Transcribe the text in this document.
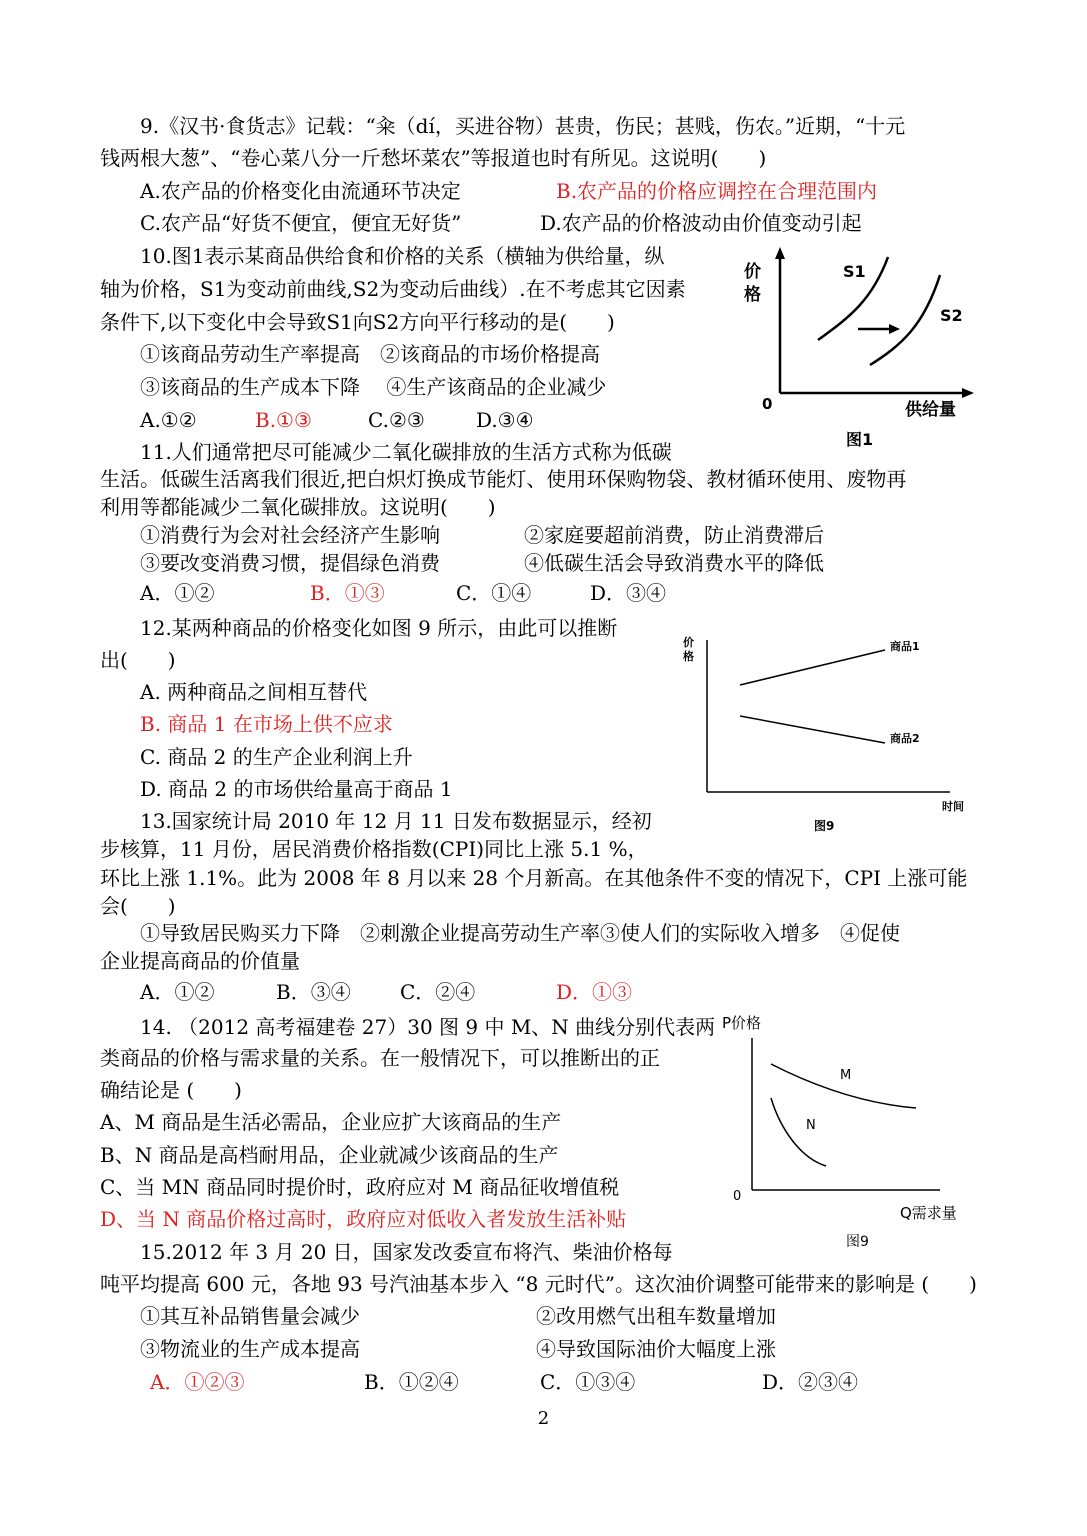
9.《汉书·食货志》记载：“籴（dí，买进谷物）甚贵，伤民；甚贱，伤农。”近期，“十元
钱两根大葱”、“卷心菜八分一斤愁坏菜农”等报道也时有所见。这说明(　　)
A.农产品的价格变化由流通环节决定	B.农产品的价格应调控在合理范围内
C.农产品“好货不便宜，便宜无好货”	D.农产品的价格波动由价值变动引起
10.图1表示某商品供给食和价格的关系（横轴为供给量，纵
轴为价格，S1为变动前曲线,S2为变动后曲线）.在不考虑其它因素
条件下,以下变化中会导致S1向S2方向平行移动的是(　　)
①该商品劳动生产率提高　②该商品的市场价格提高
③该商品的生产成本下降　 ④生产该商品的企业减少
A.①②	B.①③	C.②③	D.③④
价
格
0	供给量
S1
S2
图1
11.人们通常把尽可能减少二氧化碳排放的生活方式称为低碳
生活。低碳生活离我们很近,把白炽灯换成节能灯、使用环保购物袋、教材循环使用、废物再
利用等都能减少二氧化碳排放。这说明(　　)
①消费行为会对社会经济产生影响	②家庭要超前消费，防止消费滞后
③要改变消费习惯，提倡绿色消费	④低碳生活会导致消费水平的降低
A．①②	B．①③	C．①④	D．③④
12.某两种商品的价格变化如图 9 所示，由此可以推断
出(　　)
A. 两种商品之间相互替代
B. 商品 1 在市场上供不应求
C. 商品 2 的生产企业利润上升
D. 商品 2 的市场供给量高于商品 1
价
格
商品1
商品2
时间
图9
13.国家统计局 2010 年 12 月 11 日发布数据显示，经初
步核算，11 月份，居民消费价格指数(CPI)同比上涨 5.1 %，
环比上涨 1.1%。此为 2008 年 8 月以来 28 个月新高。在其他条件不变的情况下，CPI 上涨可能
会(　　)
①导致居民购买力下降　②刺激企业提高劳动生产率③使人们的实际收入增多　④促使
企业提高商品的价值量
A．①②	B．③④ C．②④	D．①③
14. （2012 高考福建卷 27）30 图 9 中 M、N 曲线分别代表两
类商品的价格与需求量的关系。在一般情况下，可以推断出的正
确结论是 (　　)
A、M 商品是生活必需品，企业应扩大该商品的生产
B、N 商品是高档耐用品，企业就减少该商品的生产
C、当 MN 商品同时提价时，政府应对 M 商品征收增值税
D、当 N 商品价格过高时，政府应对低收入者发放生活补贴
P价格
0
Q需求量
M
N
图9
15.2012 年 3 月 20 日，国家发改委宣布将汽、柴油价格每
吨平均提高 600 元，各地 93 号汽油基本步入 “8 元时代”。这次油价调整可能带来的影响是 (　　)
①其互补品销售量会减少	②改用燃气出租车数量增加
③物流业的生产成本提高	④导致国际油价大幅度上涨
A．①②③	B．①②④	C．①③④	D．②③④
2
